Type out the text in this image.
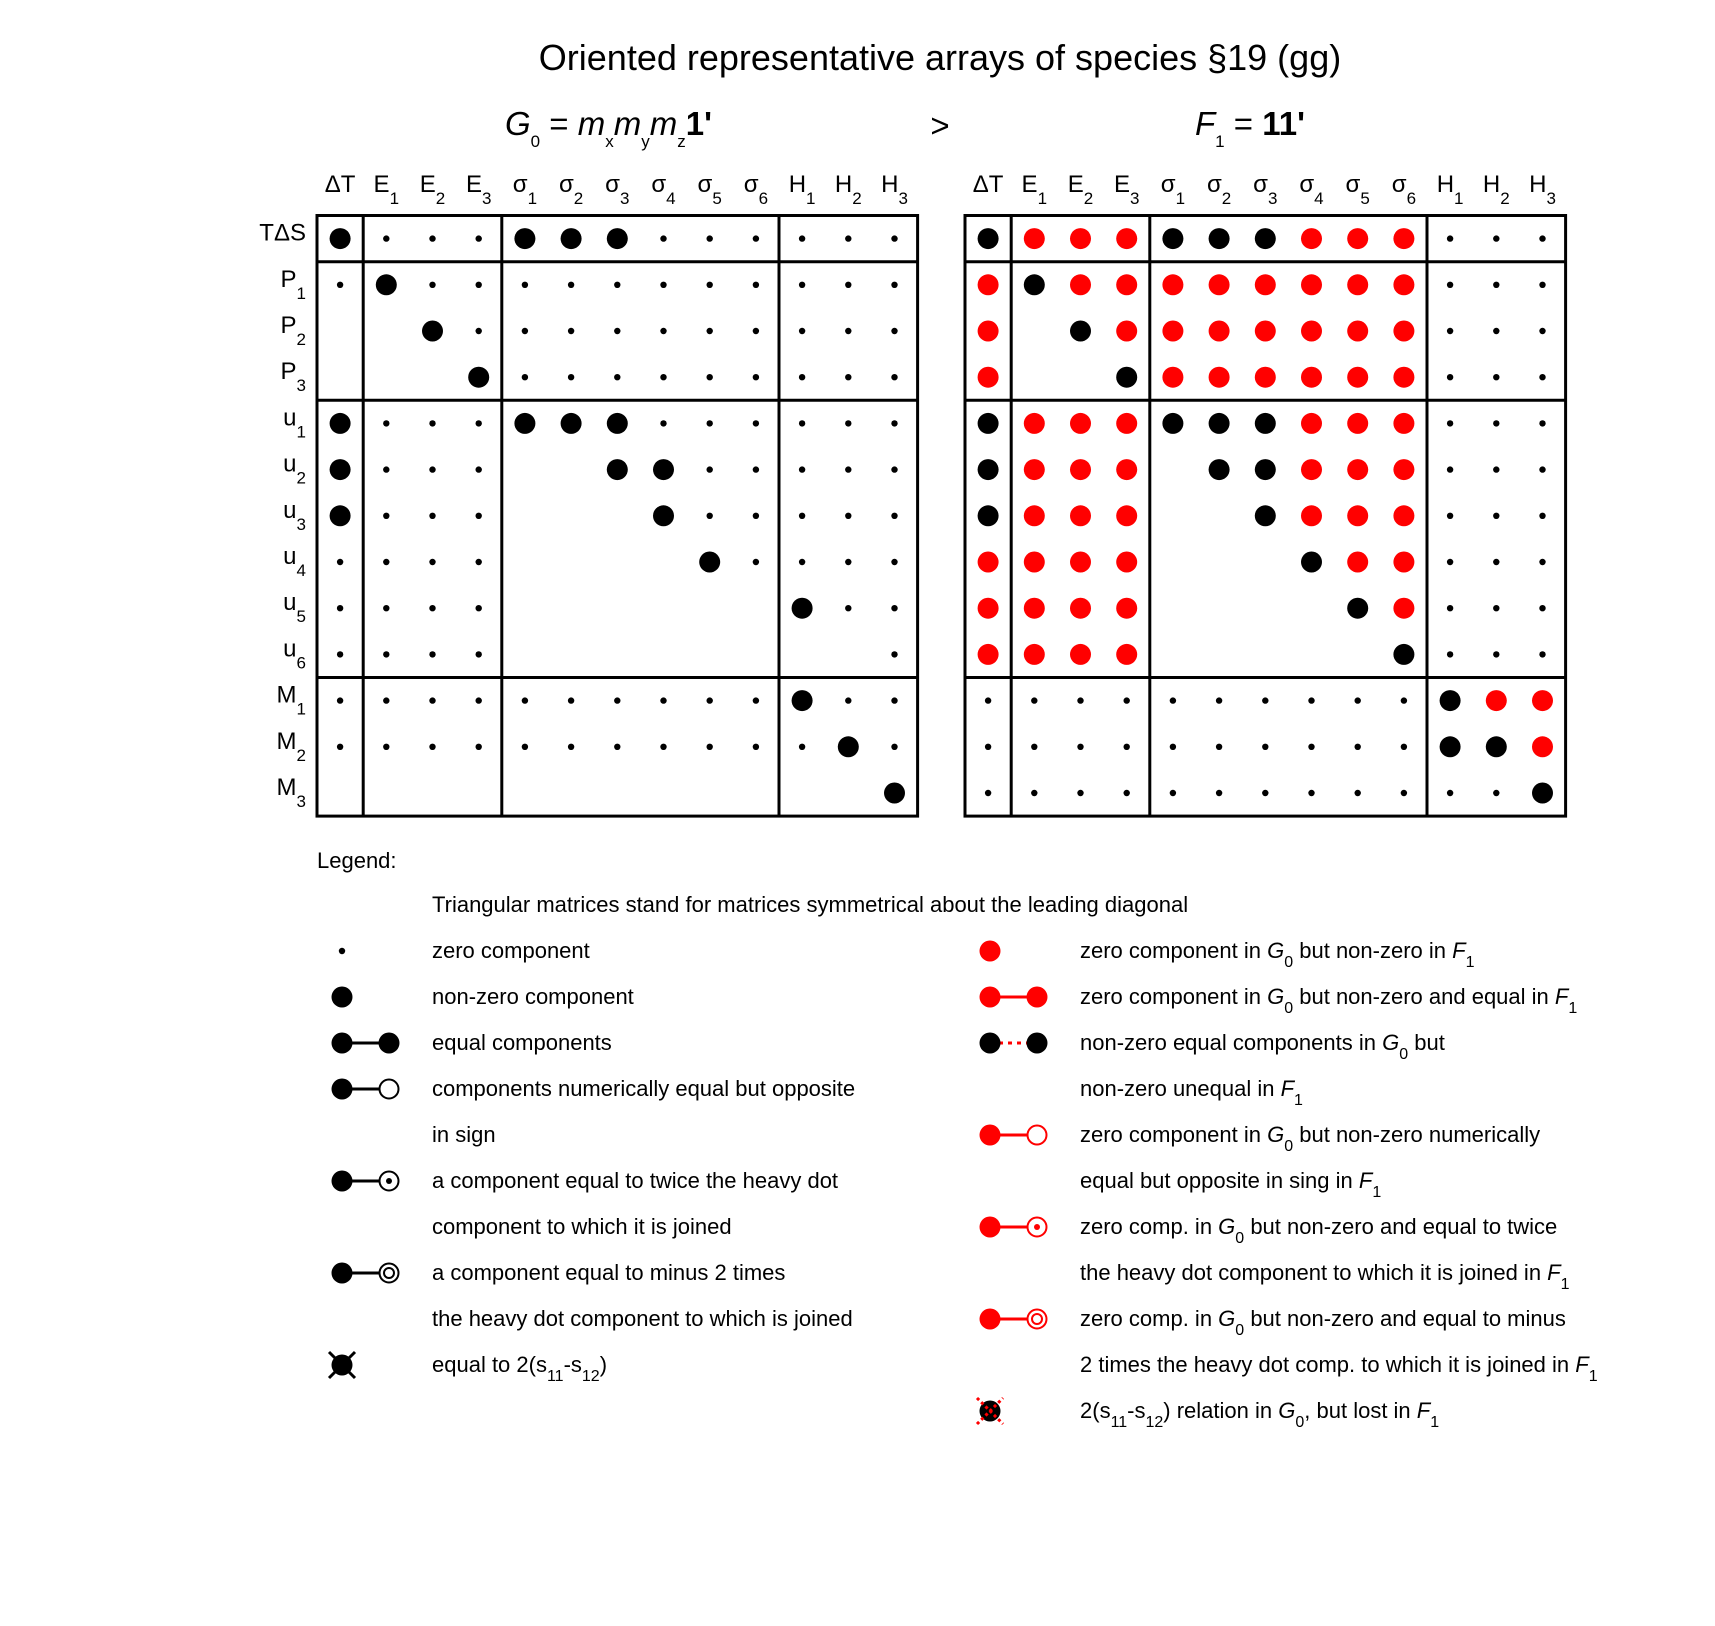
Oriented representative arrays of species §19 (gg)
$G_0 = m_xm_ym_z1'$	>	$F_1 = 11'$
ΔT $E_1$
$E_2$
$E_3$
$\sigma_1$
$\sigma_2$
$\sigma_3$
$\sigma_4$
$\sigma_5$
$\sigma_6$
$H_1$
$H_2$
$H_3$
ΔT $E_1$
$E_2$
$E_3$
$\sigma_1$
$\sigma_2$
$\sigma_3$
$\sigma_4$
$\sigma_5$
$\sigma_6$
$H_1$
$H_2$
$H_3$
TΔS
$P_1$
$P_2$
$P_3$
$u_1$
$u_2$
$u_3$
$u_4$
$u_5$
$u_6$
$M_1$
$M_2$
$M_3$
Legend:
Triangular matrices stand for matrices symmetrical about the leading diagonal
zero component
non-zero component
equal components
components numerically equal but opposite
in sign
a component equal to twice the heavy dot
component to which it is joined
a component equal to minus 2 times
the heavy dot component to which is joined
equal to $2(s_{11}-s_{12})$
zero component in $G_0$ but non-zero in $F_1$
zero component in $G_0$ but non-zero and equal in $F_1$
non-zero equal components in $G_0$ but
non-zero unequal in $F_1$
zero component in $G_0$ but non-zero numerically
equal but opposite in sing in $F_1$
zero comp. in $G_0$ but non-zero and equal to twice
the heavy dot component to which it is joined in $F_1$
zero comp. in $G_0$ but non-zero and equal to minus
2 times the heavy dot comp. to which it is joined in $F_1$
$2(s_{11}-s_{12})$ relation in $G_0$, but lost in $F_1$
